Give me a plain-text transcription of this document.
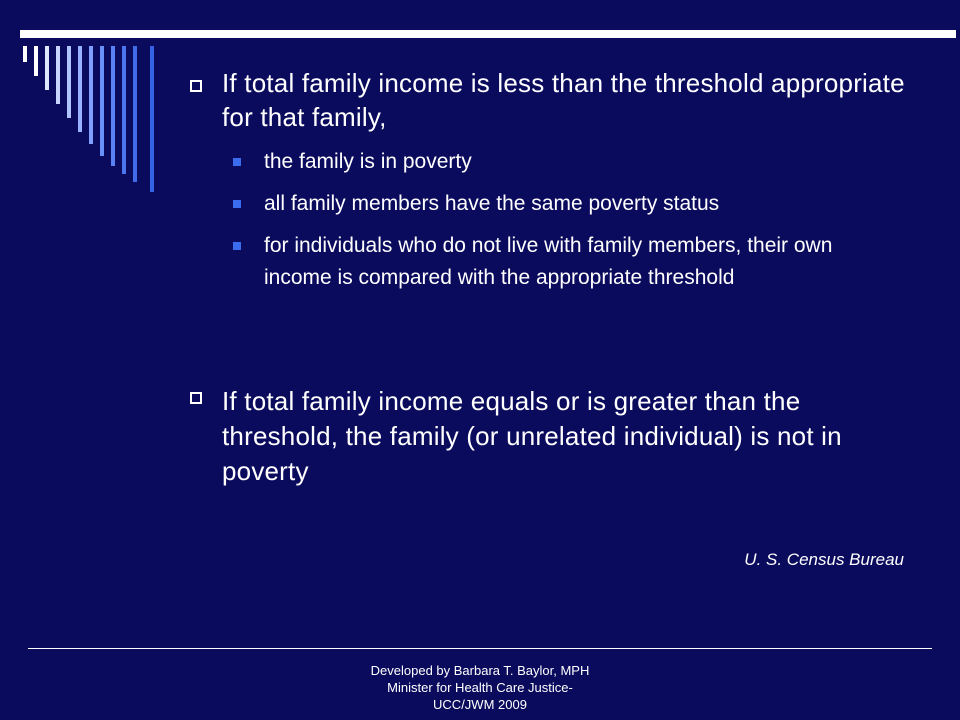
If total family income is less than the threshold appropriate for that family,
the family is in poverty
all family members have the same poverty status
for individuals who do not live with family members, their own income is compared with the appropriate threshold
If total family income equals or is greater than the threshold, the family (or unrelated individual) is not in poverty
U. S. Census Bureau
Developed by Barbara T. Baylor, MPH
Minister for Health Care Justice-
UCC/JWM 2009
